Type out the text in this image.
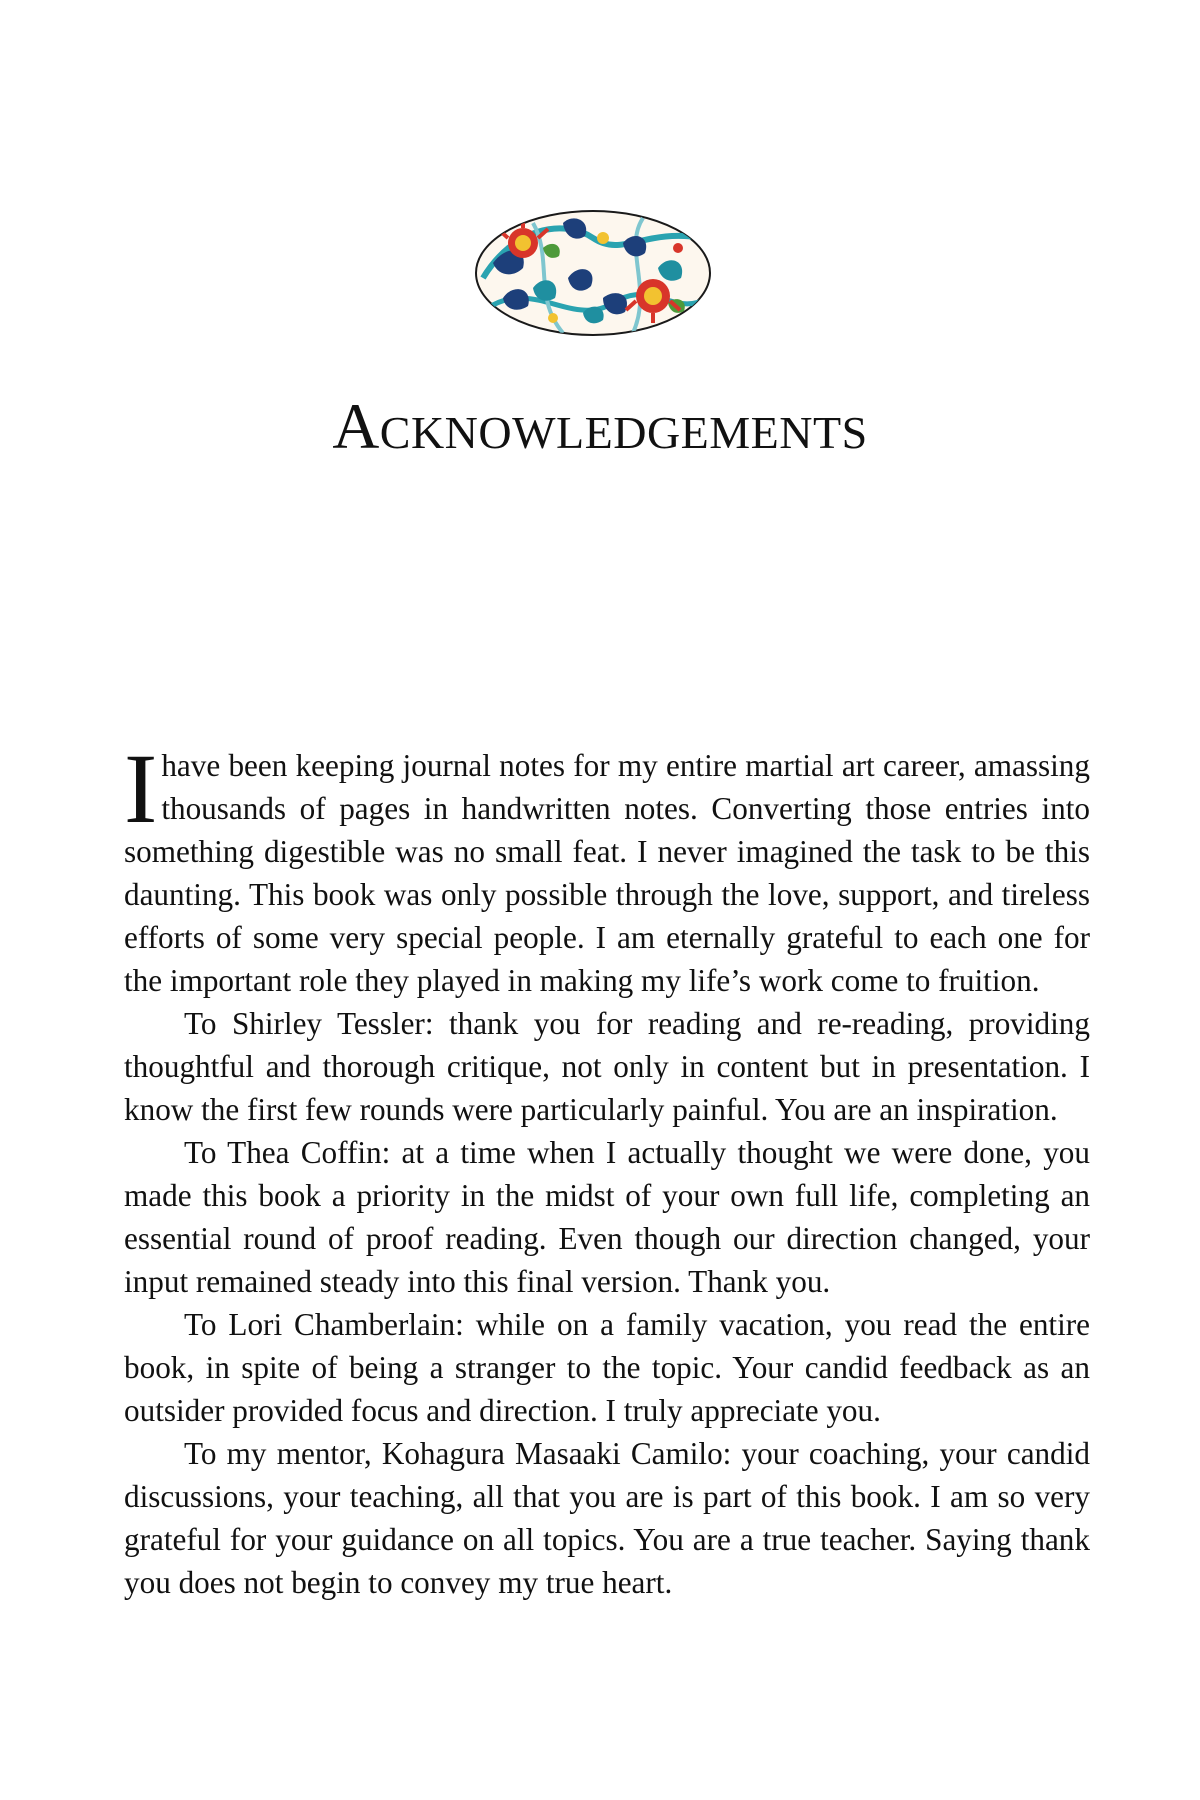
Acknowledgements

I have been keeping journal notes for my entire martial art career, amassing thousands of pages in handwritten notes. Converting those entries into something digestible was no small feat. I never imagined the task to be this daunting. This book was only possible through the love, support, and tireless efforts of some very special people. I am eternally grateful to each one for the important role they played in making my life’s work come to fruition.

To Shirley Tessler: thank you for reading and re-reading, providing thoughtful and thorough critique, not only in content but in presentation. I know the first few rounds were particularly painful. You are an inspiration.

To Thea Coffin: at a time when I actually thought we were done, you made this book a priority in the midst of your own full life, completing an essential round of proof reading. Even though our direction changed, your input remained steady into this final version. Thank you.

To Lori Chamberlain: while on a family vacation, you read the entire book, in spite of being a stranger to the topic. Your candid feedback as an outsider provided focus and direction. I truly appreciate you.

To my mentor, Kohagura Masaaki Camilo: your coaching, your candid discussions, your teaching, all that you are is part of this book. I am so very grateful for your guidance on all topics. You are a true teacher. Saying thank you does not begin to convey my true heart.
